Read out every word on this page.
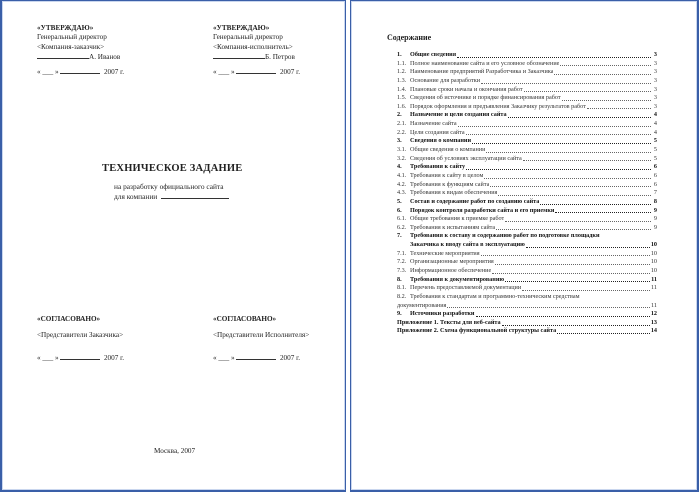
«УТВЕРЖДАЮ»
Генеральный директор
<Компания-заказчик>
А. Иванов
« ___ »	2007 г.
«УТВЕРЖДАЮ»
Генеральный директор
<Компания-исполнитель>
Б. Петров
« ___ »	2007 г.
ТЕХНИЧЕСКОЕ ЗАДАНИЕ
на разработку официального сайта
для компании
«СОГЛАСОВАНО»
<Представители Заказчика>
« ___ »	2007 г.
«СОГЛАСОВАНО»
<Представители Исполнителя>
« ___ »	2007 г.
Москва, 2007
Содержание
1.	Общие сведения	3
1.1. Полное наименование сайта и его условное обозначение	3
1.2. Наименование предприятий Разработчика и Заказчика	3
1.3. Основание для разработки	3
1.4. Плановые сроки начала и окончания работ	3
1.5. Сведения об источнике и порядке финансирования работ	3
1.6. Порядок оформления и предъявления Заказчику результатов работ	3
2.	Назначение и цели создания сайта	4
2.1. Назначение сайта	4
2.2. Цели создания сайта	4
3.	Сведения о компании	5
3.1. Общие сведения о компании	5
3.2. Сведения об условиях эксплуатации сайта	5
4.	Требования к сайту	6
4.1. Требования к сайту в целом	6
4.2. Требования к функциям сайта	6
4.3. Требования к видам обеспечения	7
5.	Состав и содержание работ по созданию сайта	8
6.	Порядок контроля разработки сайта и его приемки	9
6.1. Общие требования к приемке работ	9
6.2. Требования к испытаниям сайта	9
7.	Требования к составу и содержанию работ по подготовке площадки
Заказчика к вводу сайта в эксплуатацию	10
7.1. Технические мероприятия	10
7.2. Организационные мероприятия	10
7.3. Информационное обеспечение	10
8.	Требования к документированию	11
8.1. Перечень предоставляемой документации	11
8.2. Требования к стандартам и программно-техническим средствам
документирования	11
9.	Источники разработки	12
Приложение 1. Тексты для веб-сайта	13
Приложение 2. Схема функциональной структуры сайта	14
